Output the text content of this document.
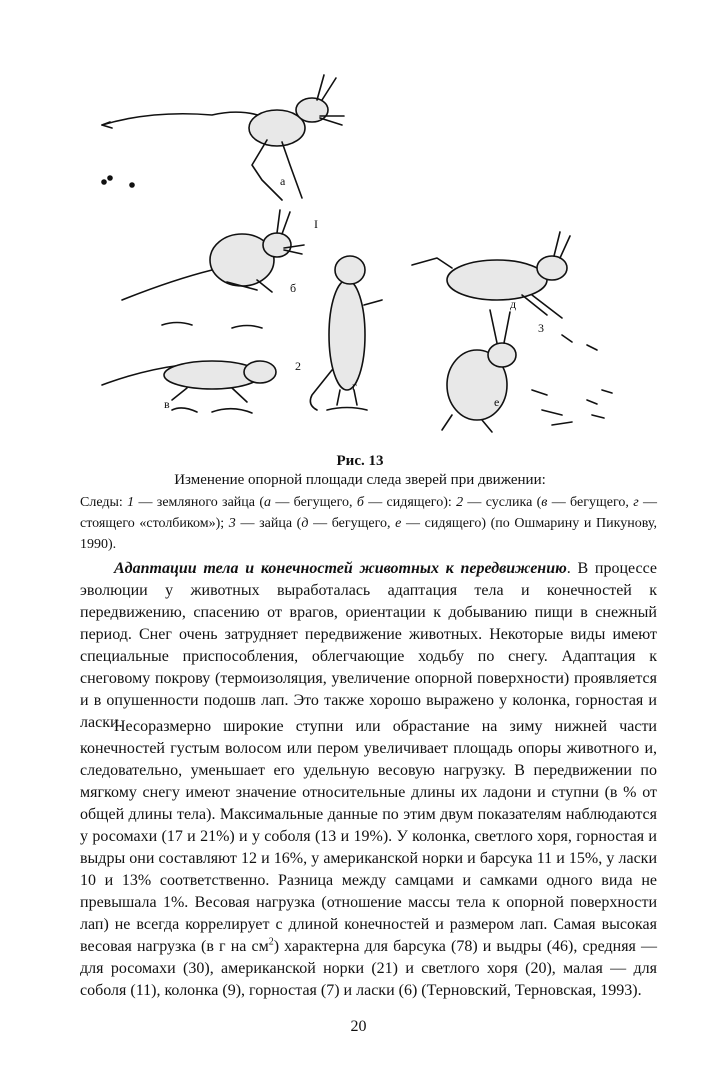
а
I
б
в
2
г
д
3
е
Рис. 13
Изменение опорной площади следа зверей при движении:
Следы: 1 — земляного зайца (а — бегущего, б — сидящего): 2 — суслика (в — бегущего, г — стоящего «столбиком»); 3 — зайца (д — бегущего, е — сидящего) (по Ошмарину и Пикунову, 1990).
Адаптации тела и конечностей животных к передвижению. В процессе эволюции у животных выработалась адаптация тела и конечностей к передвижению, спасению от врагов, ориентации к добыванию пищи в снежный период. Снег очень затрудняет передвижение животных. Некоторые виды имеют специальные приспособления, облегчающие ходьбу по снегу. Адаптация к снеговому покрову (термоизоляция, увеличение опорной поверхности) проявляется и в опушенности подошв лап. Это также хорошо выражено у колонка, горностая и ласки.
Несоразмерно широкие ступни или обрастание на зиму нижней части конечностей густым волосом или пером увеличивает площадь опоры животного и, следовательно, уменьшает его удельную весовую нагрузку. В передвижении по мягкому снегу имеют значение относительные длины их ладони и ступни (в % от общей длины тела). Максимальные данные по этим двум показателям наблюдаются у росомахи (17 и 21%) и у соболя (13 и 19%). У колонка, светлого хоря, горностая и выдры они составляют 12 и 16%, у американской норки и барсука 11 и 15%, у ласки 10 и 13% соответственно. Разница между самцами и самками одного вида не превышала 1%. Весовая нагрузка (отношение массы тела к опорной поверхности лап) не всегда коррелирует с длиной конечностей и размером лап. Самая высокая весовая нагрузка (в г на $см^2$) характерна для барсука (78) и выдры (46), средняя — для росомахи (30), американской норки (21) и светлого хоря (20), малая — для соболя (11), колонка (9), горностая (7) и ласки (6) (Терновский, Терновская, 1993).
20
